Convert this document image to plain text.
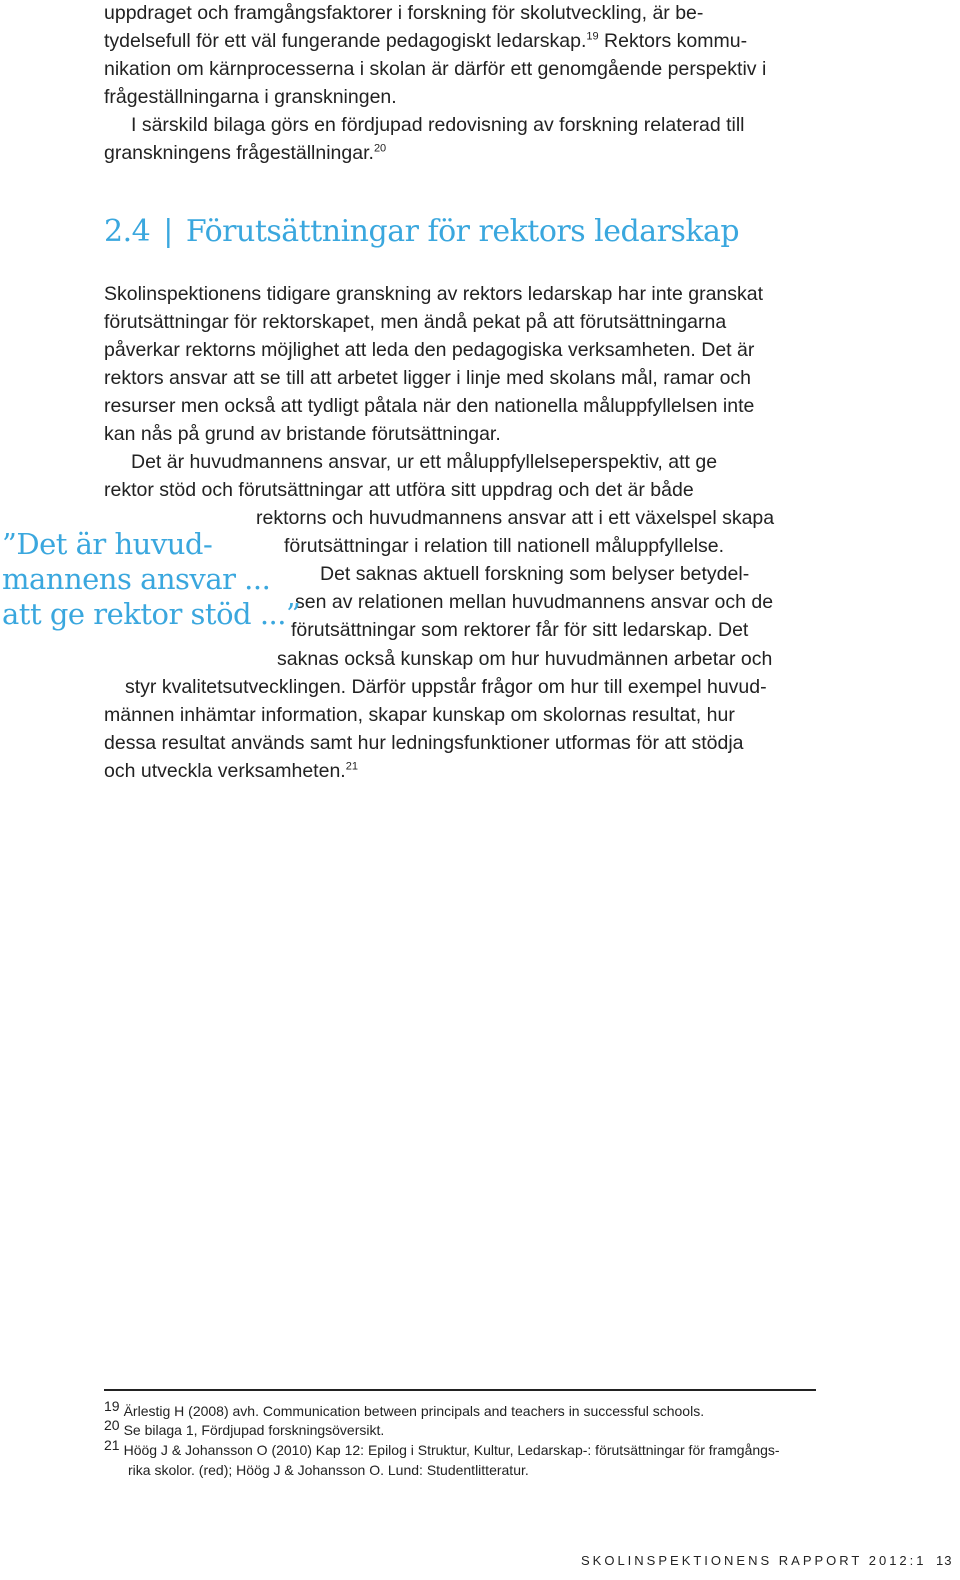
uppdraget och framgångsfaktorer i forskning för skolutveckling, är be-
tydelsefull för ett väl fungerande pedagogiskt ledarskap.$^{19}$ Rektors kommu-
nikation om kärnprocesserna i skolan är därför ett genomgående perspektiv i
frågeställningarna i granskningen.
I särskild bilaga görs en fördjupad redovisning av forskning relaterad till
granskningens frågeställningar.$^{20}$
2.4 | Förutsättningar för rektors ledarskap
Skolinspektionens tidigare granskning av rektors ledarskap har inte granskat
förutsättningar för rektorskapet, men ändå pekat på att förutsättningarna
påverkar rektorns möjlighet att leda den pedagogiska verksamheten. Det är
rektors ansvar att se till att arbetet ligger i linje med skolans mål, ramar och
resurser men också att tydligt påtala när den nationella måluppfyllelsen inte
kan nås på grund av bristande förutsättningar.
Det är huvudmannens ansvar, ur ett måluppfyllelseperspektiv, att ge
rektor stöd och förutsättningar att utföra sitt uppdrag och det är både
rektorns och huvudmannens ansvar att i ett växelspel skapa
förutsättningar i relation till nationell måluppfyllelse.
Det saknas aktuell forskning som belyser betydel-
sen av relationen mellan huvudmannens ansvar och de
förutsättningar som rektorer får för sitt ledarskap. Det
saknas också kunskap om hur huvudmännen arbetar och
styr kvalitetsutvecklingen. Därför uppstår frågor om hur till exempel huvud-
männen inhämtar information, skapar kunskap om skolornas resultat, hur
dessa resultat används samt hur ledningsfunktioner utformas för att stödja
och utveckla verksamheten.$^{21}$
”Det är huvud-
mannens ansvar ...
att ge rektor stöd ...”
19 Ärlestig H (2008) avh. Communication between principals and teachers in successful schools.
20 Se bilaga 1, Fördjupad forskningsöversikt.
21 Höög J & Johansson O (2010) Kap 12: Epilog i Struktur, Kultur, Ledarskap-: förutsättningar för framgångs-
rika skolor. (red); Höög J & Johansson O. Lund: Studentlitteratur.
SKOLINSPEKTIONENS RAPPORT 2012:1 13
